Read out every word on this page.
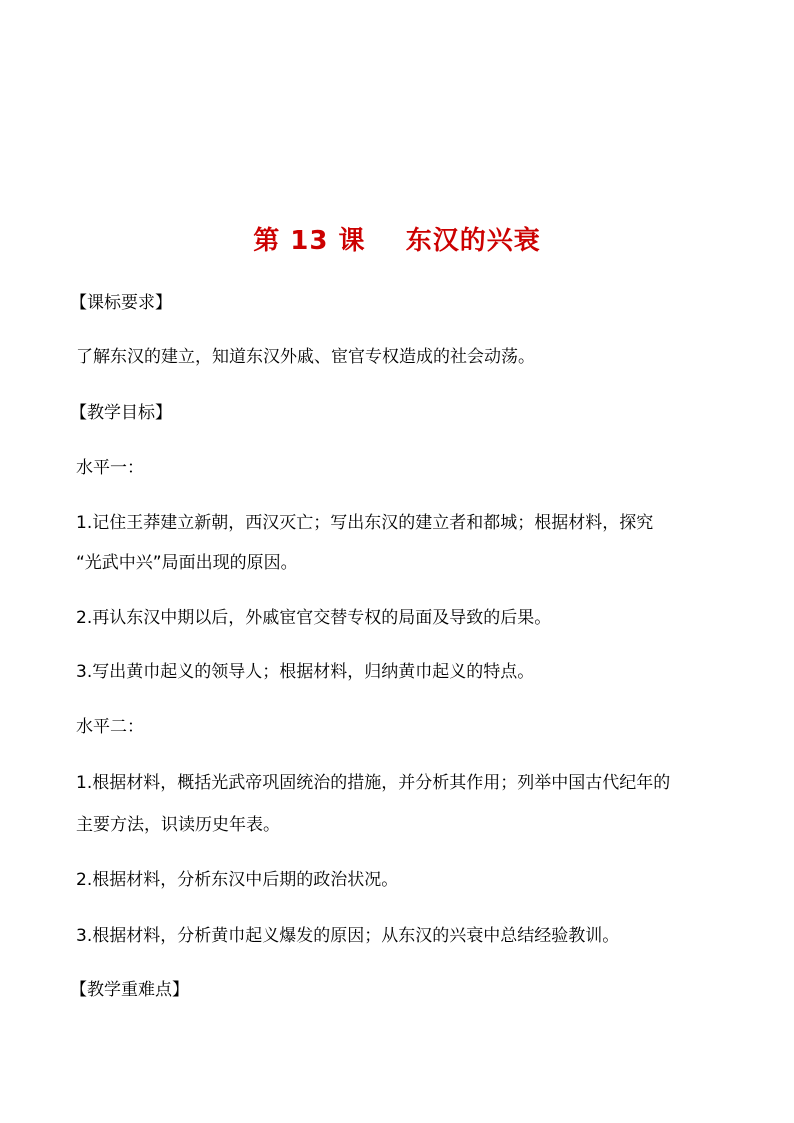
第 13 课    东汉的兴衰
【课标要求】
了解东汉的建立，知道东汉外戚、宦官专权造成的社会动荡。
【教学目标】
水平一：
1.记住王莽建立新朝，西汉灭亡；写出东汉的建立者和都城；根据材料，探究
“光武中兴”局面出现的原因。
2.再认东汉中期以后，外戚宦官交替专权的局面及导致的后果。
3.写出黄巾起义的领导人；根据材料，归纳黄巾起义的特点。
水平二：
1.根据材料，概括光武帝巩固统治的措施，并分析其作用；列举中国古代纪年的
主要方法，识读历史年表。
2.根据材料，分析东汉中后期的政治状况。
3.根据材料，分析黄巾起义爆发的原因；从东汉的兴衰中总结经验教训。
【教学重难点】
